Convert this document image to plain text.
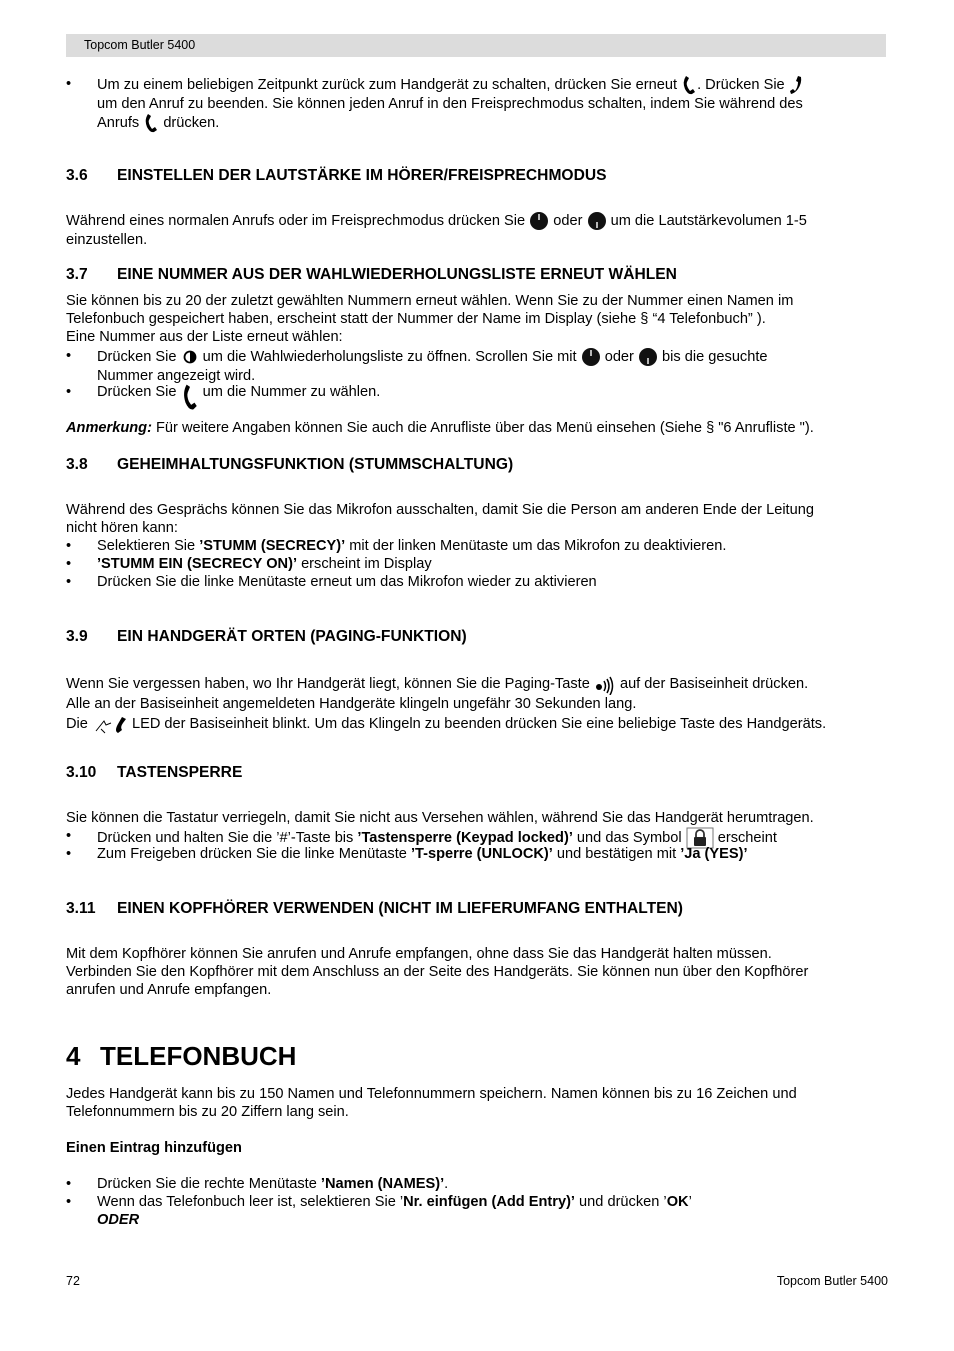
Topcom Butler 5400
• Um zu einem beliebigen Zeitpunkt zurück zum Handgerät zu schalten, drücken Sie erneut . Drücken Sie
um den Anruf zu beenden. Sie können jeden Anruf in den Freisprechmodus schalten, indem Sie während des
Anrufs drücken.
3.6 EINSTELLEN DER LAUTSTÄRKE IM HÖRER/FREISPRECHMODUS
Während eines normalen Anrufs oder im Freisprechmodus drücken Sie oder um die Lautstärkevolumen 1-5
einzustellen.
3.7 EINE NUMMER AUS DER WAHLWIEDERHOLUNGSLISTE ERNEUT WÄHLEN
Sie können bis zu 20 der zuletzt gewählten Nummern erneut wählen. Wenn Sie zu der Nummer einen Namen im
Telefonbuch gespeichert haben, erscheint statt der Nummer der Name im Display (siehe § “4 Telefonbuch” ).
Eine Nummer aus der Liste erneut wählen:
• Drücken Sie um die Wahlwiederholungsliste zu öffnen. Scrollen Sie mit oder bis die gesuchte
Nummer angezeigt wird.
• Drücken Sie um die Nummer zu wählen.
Anmerkung: Für weitere Angaben können Sie auch die Anrufliste über das Menü einsehen (Siehe § "6 Anrufliste ").
3.8 GEHEIMHALTUNGSFUNKTION (STUMMSCHALTUNG)
Während des Gesprächs können Sie das Mikrofon ausschalten, damit Sie die Person am anderen Ende der Leitung
nicht hören kann:
• Selektieren Sie ’STUMM (SECRECY)’ mit der linken Menütaste um das Mikrofon zu deaktivieren.
• ’STUMM EIN (SECRECY ON)’ erscheint im Display
• Drücken Sie die linke Menütaste erneut um das Mikrofon wieder zu aktivieren
3.9 EIN HANDGERÄT ORTEN (PAGING-FUNKTION)
Wenn Sie vergessen haben, wo Ihr Handgerät liegt, können Sie die Paging-Taste auf der Basiseinheit drücken.
Alle an der Basiseinheit angemeldeten Handgeräte klingeln ungefähr 30 Sekunden lang.
Die	LED der Basiseinheit blinkt. Um das Klingeln zu beenden drücken Sie eine beliebige Taste des Handgeräts.
3.10 TASTENSPERRE
Sie können die Tastatur verriegeln, damit Sie nicht aus Versehen wählen, während Sie das Handgerät herumtragen.
• Drücken und halten Sie die ’#’-Taste bis ’Tastensperre (Keypad locked)’ und das Symbol erscheint
• Zum Freigeben drücken Sie die linke Menütaste ’T-sperre (UNLOCK)’ und bestätigen mit ’Ja (YES)’
3.11 EINEN KOPFHÖRER VERWENDEN (NICHT IM LIEFERUMFANG ENTHALTEN)
Mit dem Kopfhörer können Sie anrufen und Anrufe empfangen, ohne dass Sie das Handgerät halten müssen.
Verbinden Sie den Kopfhörer mit dem Anschluss an der Seite des Handgeräts. Sie können nun über den Kopfhörer
anrufen und Anrufe empfangen.
4 TELEFONBUCH
Jedes Handgerät kann bis zu 150 Namen und Telefonnummern speichern. Namen können bis zu 16 Zeichen und
Telefonnummern bis zu 20 Ziffern lang sein.
Einen Eintrag hinzufügen
• Drücken Sie die rechte Menütaste ’Namen (NAMES)’.
• Wenn das Telefonbuch leer ist, selektieren Sie ’Nr. einfügen (Add Entry)’ und drücken ’OK’
ODER
72	Topcom Butler 5400
